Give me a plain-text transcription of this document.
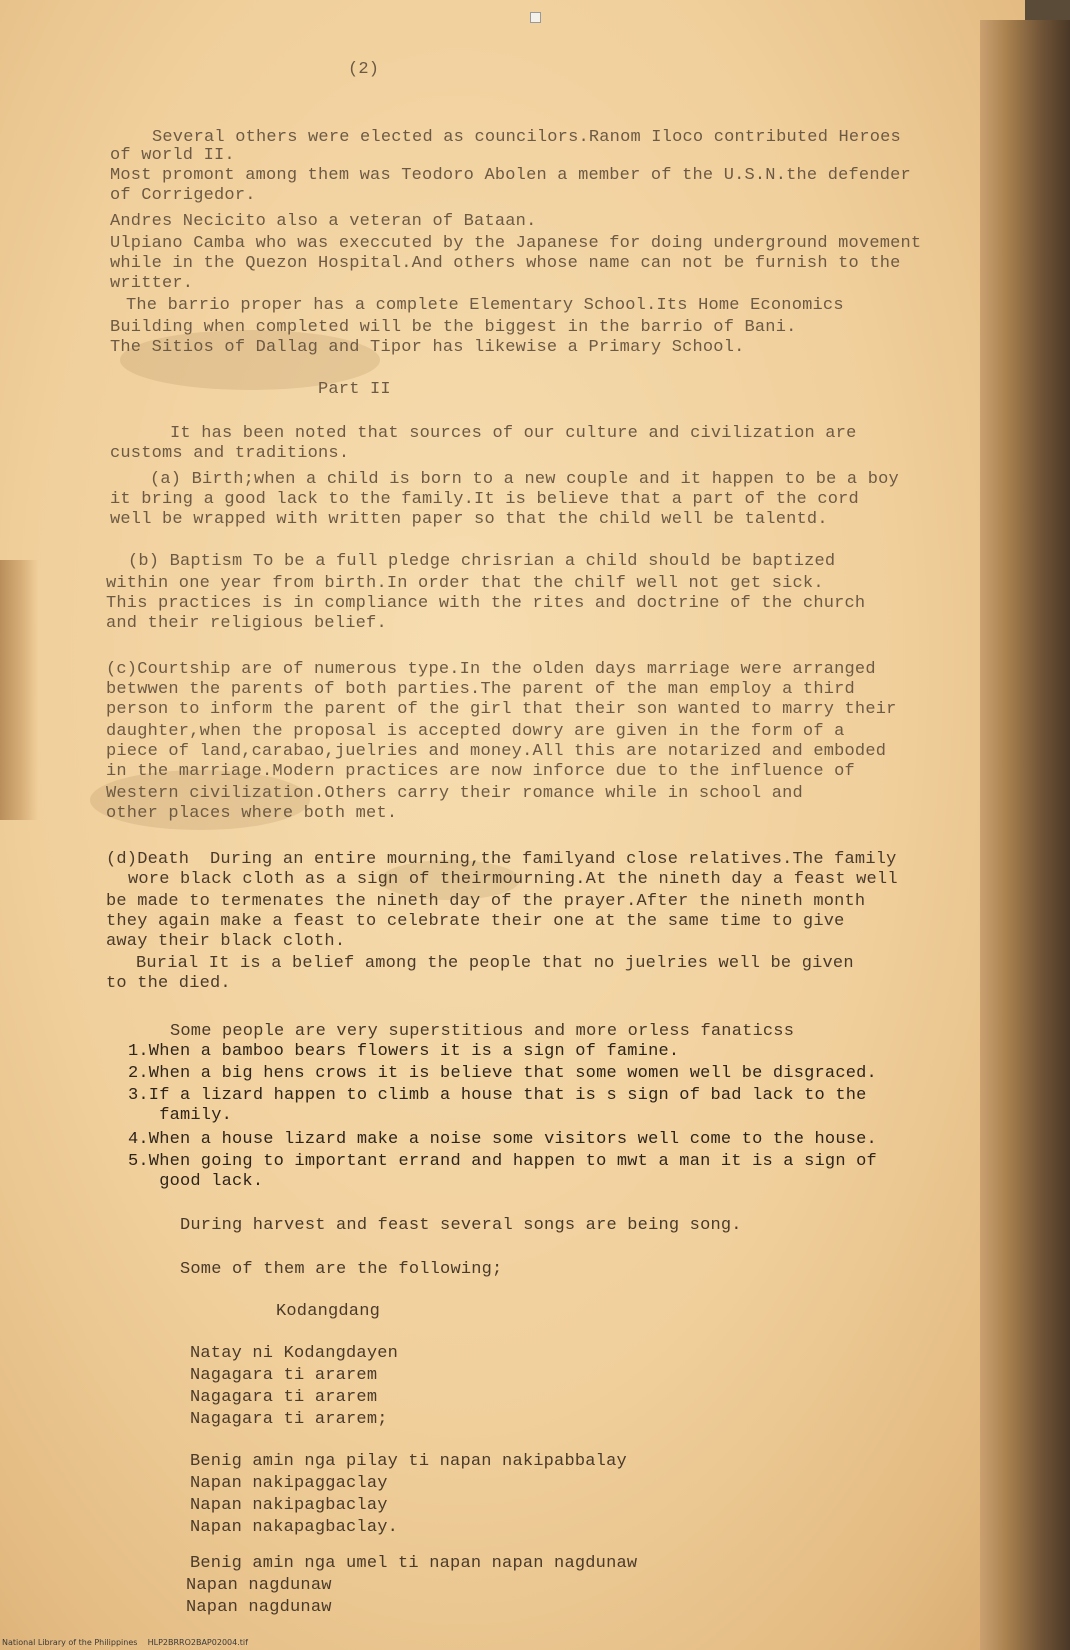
(2)
Several others were elected as councilors.Ranom Iloco contributed Heroes
of world II.
Most promont among them was Teodoro Abolen a member of the U.S.N.the defender
of Corrigedor.
Andres Necicito also a veteran of Bataan.
Ulpiano Camba who was execcuted by the Japanese for doing underground movement
while in the Quezon Hospital.And others whose name can not be furnish to the
writter.
The barrio proper has a complete Elementary School.Its Home Economics
Building when completed will be the biggest in the barrio of Bani.
The Sitios of Dallag and Tipor has likewise a Primary School.
Part II
It has been noted that sources of our culture and civilization are
customs and traditions.
(a) Birth;when a child is born to a new couple and it happen to be a boy
it bring a good lack to the family.It is believe that a part of the cord
well be wrapped with written paper so that the child well be talentd.
(b) Baptism To be a full pledge chrisrian a child should be baptized
within one year from birth.In order that the chilf well not get sick.
This practices is in compliance with the rites and doctrine of the church
and their religious belief.
(c)Courtship are of numerous type.In the olden days marriage were arranged
betwwen the parents of both parties.The parent of the man employ a third
person to inform the parent of the girl that their son wanted to marry their
daughter,when the proposal is accepted dowry are given in the form of a
piece of land,carabao,juelries and money.All this are notarized and emboded
in the marriage.Modern practices are now inforce due to the influence of
Western civilization.Others carry their romance while in school and
other places where both met.
(d)Death  During an entire mourning,the familyand close relatives.The family
wore black cloth as a sign of theirmourning.At the nineth day a feast well
be made to termenates the nineth day of the prayer.After the nineth month
they again make a feast to celebrate their one at the same time to give
away their black cloth.
Burial It is a belief among the people that no juelries well be given
to the died.
Some people are very superstitious and more orless fanaticss
1.When a bamboo bears flowers it is a sign of famine.
2.When a big hens crows it is believe that some women well be disgraced.
3.If a lizard happen to climb a house that is s sign of bad lack to the
family.
4.When a house lizard make a noise some visitors well come to the house.
5.When going to important errand and happen to mwt a man it is a sign of
good lack.
During harvest and feast several songs are being song.
Some of them are the following;
Kodangdang
Natay ni Kodangdayen
Nagagara ti ararem
Nagagara ti ararem
Nagagara ti ararem;
Benig amin nga pilay ti napan nakipabbalay
Napan nakipaggaclay
Napan nakipagbaclay
Napan nakapagbaclay.
Benig amin nga umel ti napan napan nagdunaw
Napan nagdunaw
Napan nagdunaw
National Library of the Philippines    HLP2BRRO2BAP02004.tif
